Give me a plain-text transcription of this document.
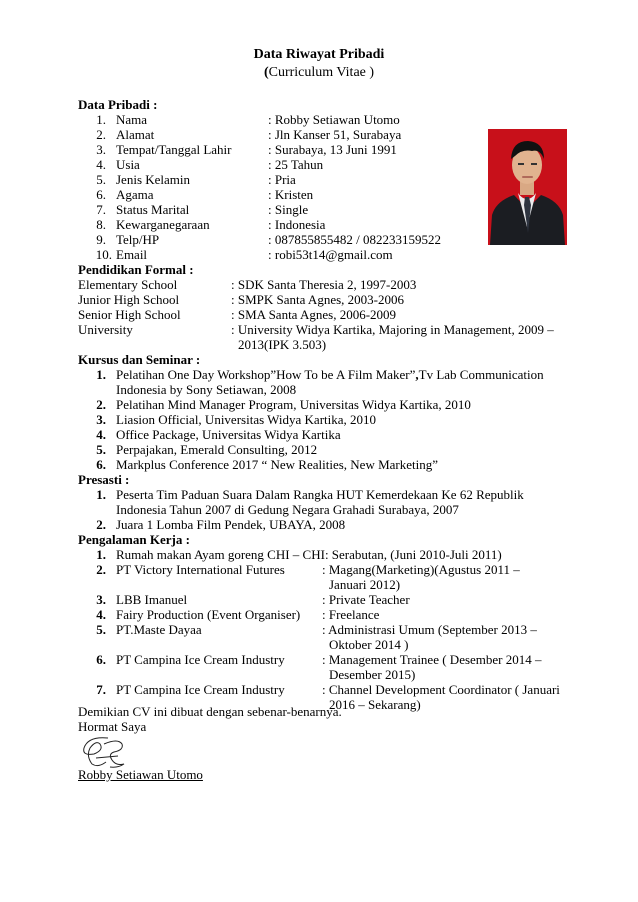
Data Riwayat Pribadi
(Curriculum Vitae )
Data Pribadi :
1. Nama	: Robby Setiawan Utomo
2. Alamat	: Jln Kanser 51, Surabaya
3. Tempat/Tanggal Lahir	: Surabaya, 13 Juni 1991
4. Usia	: 25 Tahun
5. Jenis Kelamin	: Pria
6. Agama	: Kristen
7. Status Marital	: Single
8. Kewarganegaraan	: Indonesia
9. Telp/HP	: 087855855482 / 082233159522
10. Email	: robi53t14@gmail.com
Pendidikan Formal :
Elementary School	: SDK Santa Theresia 2, 1997-2003
Junior High School	: SMPK Santa Agnes, 2003-2006
Senior High School	: SMA Santa Agnes, 2006-2009
University	: University Widya Kartika, Majoring in Management, 2009 –
2013(IPK 3.503)
Kursus dan Seminar :
1. Pelatihan One Day Workshop”How To be A Film Maker”,Tv Lab Communication
Indonesia by Sony Setiawan, 2008
2. Pelatihan Mind Manager Program, Universitas Widya Kartika, 2010
3. Liasion Official, Universitas Widya Kartika, 2010
4. Office Package, Universitas Widya Kartika
5. Perpajakan, Emerald Consulting, 2012
6. Markplus Conference 2017 “ New Realities, New Marketing”
Presasti :
1. Peserta Tim Paduan Suara Dalam Rangka HUT Kemerdekaan Ke 62 Republik
Indonesia Tahun 2007 di Gedung Negara Grahadi Surabaya, 2007
2. Juara 1 Lomba Film Pendek, UBAYA, 2008
Pengalaman Kerja :
1. Rumah makan Ayam goreng CHI – CHI: Serabutan, (Juni 2010-Juli 2011)
2. PT Victory International Futures	: Magang(Marketing)(Agustus 2011 –
Januari 2012)
3. LBB Imanuel	: Private Teacher
4. Fairy Production (Event Organiser) : Freelance
5. PT.Maste Dayaa	: Administrasi Umum (September 2013 –
Oktober 2014 )
6. PT Campina Ice Cream Industry	: Management Trainee ( Desember 2014 –
Desember 2015)
7. PT Campina Ice Cream Industry	: Channel Development Coordinator ( Januari
2016 – Sekarang)
Demikian CV ini dibuat dengan sebenar-benarnya.
Hormat Saya
Robby Setiawan Utomo
